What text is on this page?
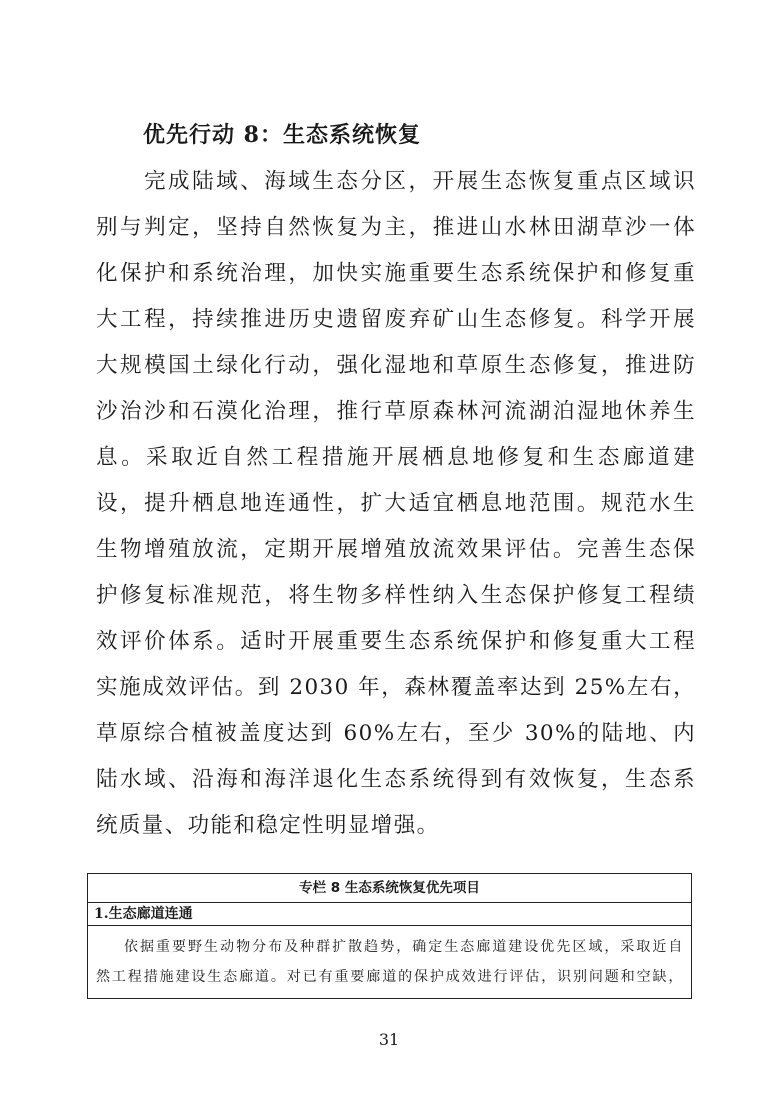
优先行动 8：生态系统恢复
完成陆域、海域生态分区，开展生态恢复重点区域识
别与判定，坚持自然恢复为主，推进山水林田湖草沙一体
化保护和系统治理，加快实施重要生态系统保护和修复重
大工程，持续推进历史遗留废弃矿山生态修复。科学开展
大规模国土绿化行动，强化湿地和草原生态修复，推进防
沙治沙和石漠化治理，推行草原森林河流湖泊湿地休养生
息。采取近自然工程措施开展栖息地修复和生态廊道建
设，提升栖息地连通性，扩大适宜栖息地范围。规范水生
生物增殖放流，定期开展增殖放流效果评估。完善生态保
护修复标准规范，将生物多样性纳入生态保护修复工程绩
效评价体系。适时开展重要生态系统保护和修复重大工程
实施成效评估。到 2030 年，森林覆盖率达到 25%左右，
草原综合植被盖度达到 60%左右，至少 30%的陆地、内
陆水域、沿海和海洋退化生态系统得到有效恢复，生态系
统质量、功能和稳定性明显增强。
专栏 8 生态系统恢复优先项目
1.生态廊道连通
依据重要野生动物分布及种群扩散趋势，确定生态廊道建设优先区域，采取近自
然工程措施建设生态廊道。对已有重要廊道的保护成效进行评估，识别问题和空缺，
31
